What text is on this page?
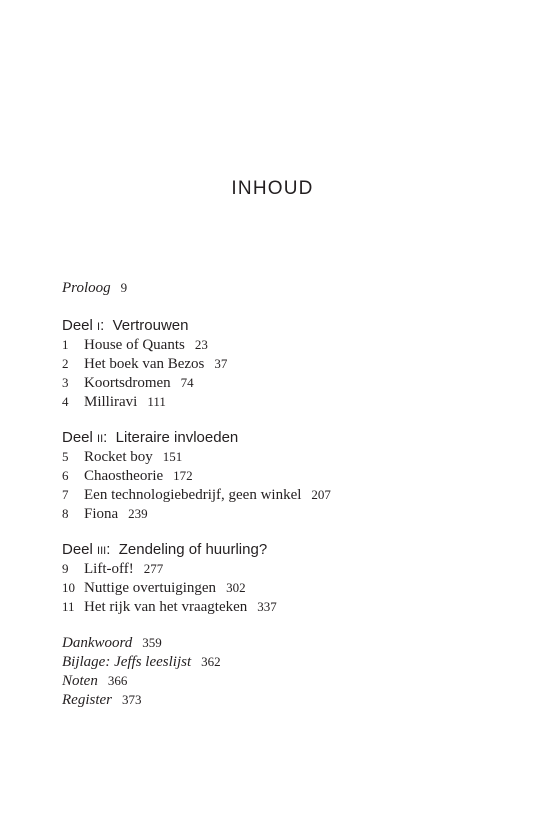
INHOUD
Proloog 9
Deel I: Vertrouwen
1 House of Quants 23
2 Het boek van Bezos 37
3 Koortsdromen 74
4 Milliravi 111
Deel II: Literaire invloeden
5 Rocket boy 151
6 Chaostheorie 172
7 Een technologiebedrijf, geen winkel 207
8 Fiona 239
Deel III: Zendeling of huurling?
9 Lift-off! 277
10 Nuttige overtuigingen 302
11 Het rijk van het vraagteken 337
Dankwoord 359
Bijlage: Jeffs leeslijst 362
Noten 366
Register 373
